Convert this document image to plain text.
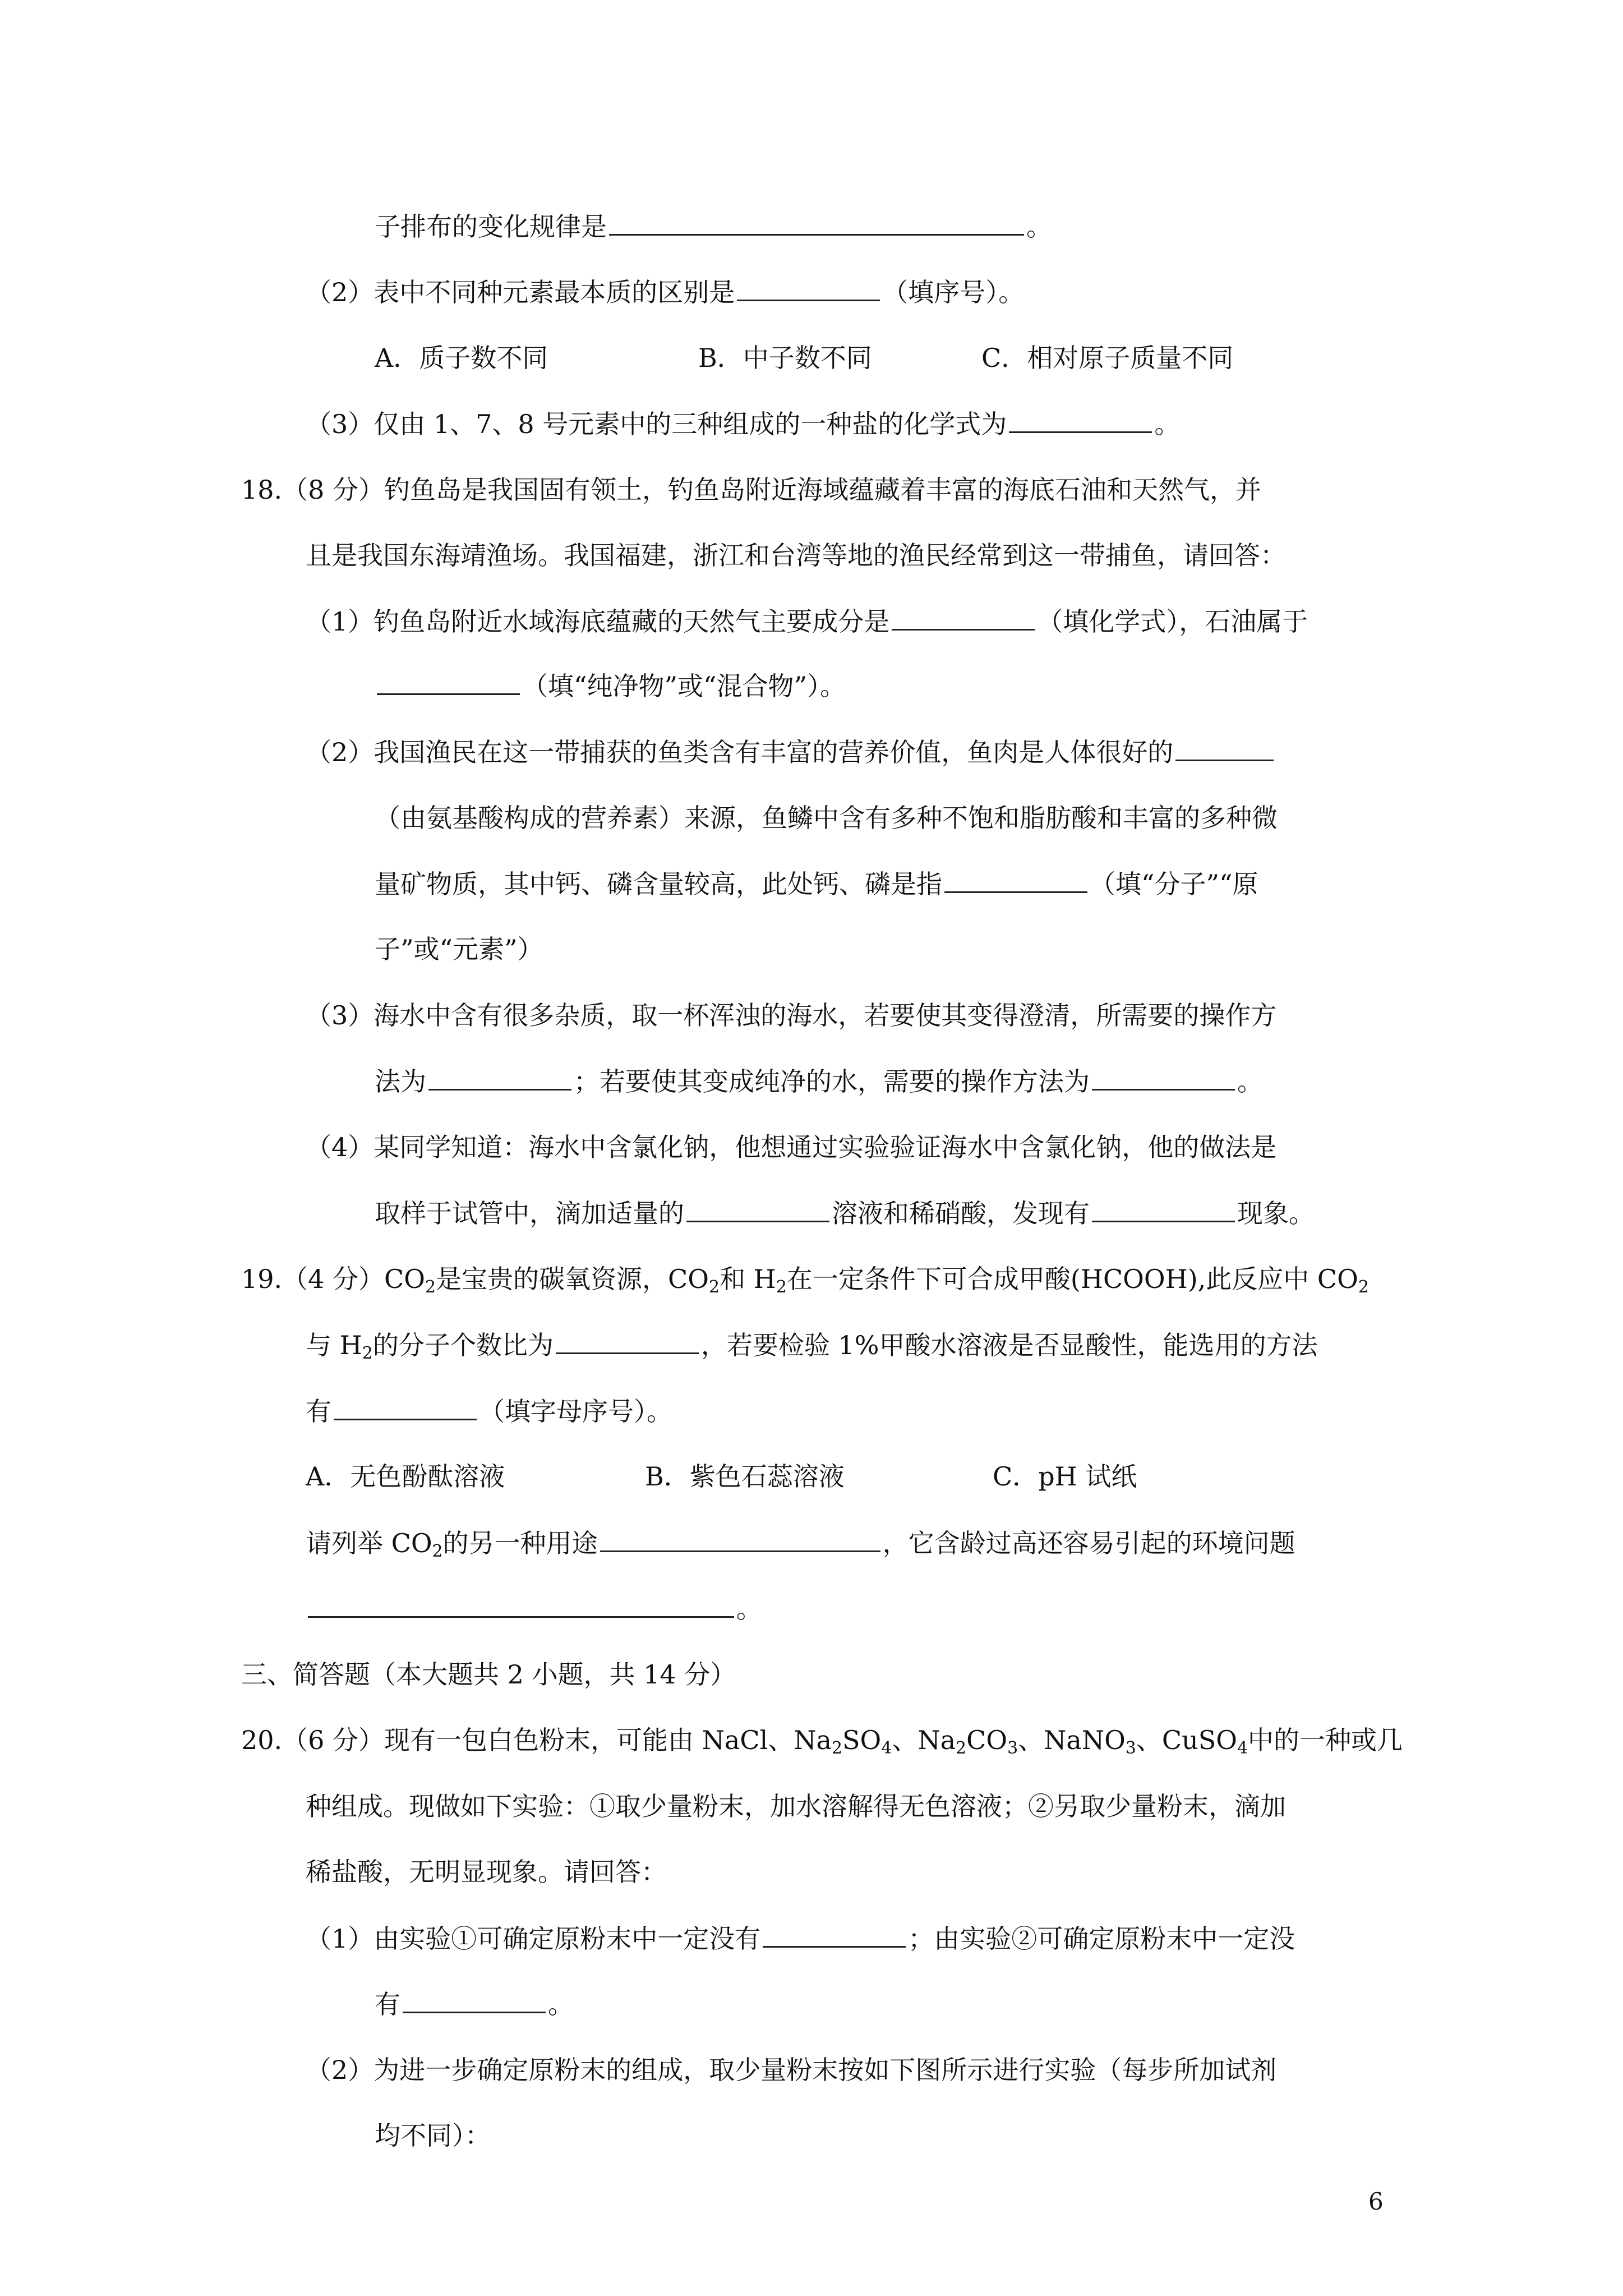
子排布的变化规律是	。
（2）表中不同种元素最本质的区别是	（填序号）。
A．质子数不同	B．中子数不同	C．相对原子质量不同
（3）仅由 1、7、8 号元素中的三种组成的一种盐的化学式为	。
18.（8 分）钓鱼岛是我国固有领土，钓鱼岛附近海域蕴藏着丰富的海底石油和天然气，并
且是我国东海靖渔场。我国福建，浙江和台湾等地的渔民经常到这一带捕鱼，请回答：
（1）钓鱼岛附近水域海底蕴藏的天然气主要成分是	（填化学式），石油属于
（填“纯净物”或“混合物”）。
（2）我国渔民在这一带捕获的鱼类含有丰富的营养价值，鱼肉是人体很好的
（由氨基酸构成的营养素）来源，鱼鳞中含有多种不饱和脂肪酸和丰富的多种微
量矿物质，其中钙、磷含量较高，此处钙、磷是指	（填“分子”“原
子”或“元素”）
（3）海水中含有很多杂质，取一杯浑浊的海水，若要使其变得澄清，所需要的操作方
法为	；若要使其变成纯净的水，需要的操作方法为	。
（4）某同学知道：海水中含氯化钠，他想通过实验验证海水中含氯化钠，他的做法是
取样于试管中，滴加适量的	溶液和稀硝酸，发现有	现象。
19.（4 分）$CO_2$是宝贵的碳氧资源，$CO_2$和 $H_2$在一定条件下可合成甲酸(HCOOH),此反应中 $CO_2$
与 $H_2$的分子个数比为	，若要检验 1%甲酸水溶液是否显酸性，能选用的方法
有	（填字母序号）。
A．无色酚酞溶液	B．紫色石蕊溶液	C．pH 试纸
请列举 $CO_2$的另一种用途	，它含龄过高还容易引起的环境问题
。
三、简答题（本大题共 2 小题，共 14 分）
20.（6 分）现有一包白色粉末，可能由 NaCl、$Na_2SO_4$、$Na_2CO_3$、NaNO$_3$、CuSO$_4$中的一种或几
种组成。现做如下实验：①取少量粉末，加水溶解得无色溶液；②另取少量粉末，滴加
稀盐酸，无明显现象。请回答：
（1）由实验①可确定原粉末中一定没有	；由实验②可确定原粉末中一定没
有	。
（2）为进一步确定原粉末的组成，取少量粉末按如下图所示进行实验（每步所加试剂
均不同）：
6
